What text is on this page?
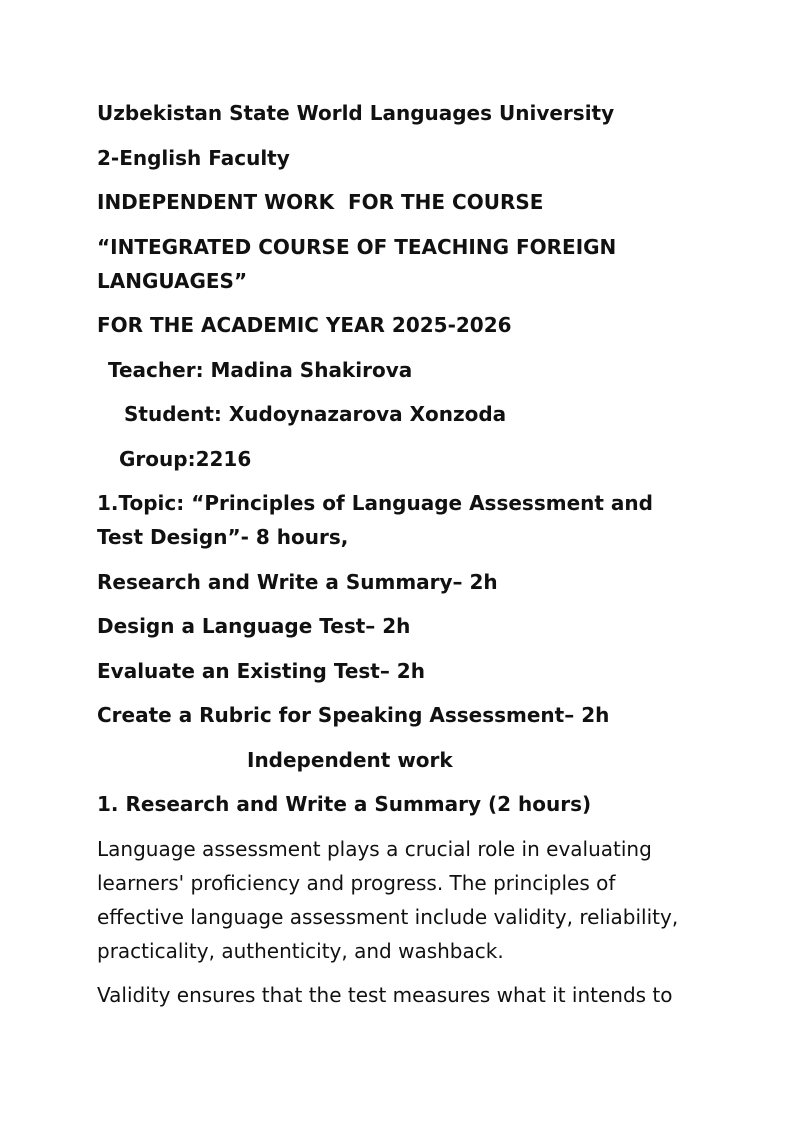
Uzbekistan State World Languages University
2-English Faculty
INDEPENDENT WORK  FOR THE COURSE
“INTEGRATED COURSE OF TEACHING FOREIGN LANGUAGES”
FOR THE ACADEMIC YEAR 2025-2026
Teacher: Madina Shakirova
Student: Xudoynazarova Xonzoda
Group:2216
1.Topic: “Principles of Language Assessment and Test Design”- 8 hours,
Research and Write a Summary– 2h
Design a Language Test– 2h
Evaluate an Existing Test– 2h
Create a Rubric for Speaking Assessment– 2h
Independent work
1. Research and Write a Summary (2 hours)
Language assessment plays a crucial role in evaluating learners' proficiency and progress. The principles of effective language assessment include validity, reliability, practicality, authenticity, and washback.
Validity ensures that the test measures what it intends to
